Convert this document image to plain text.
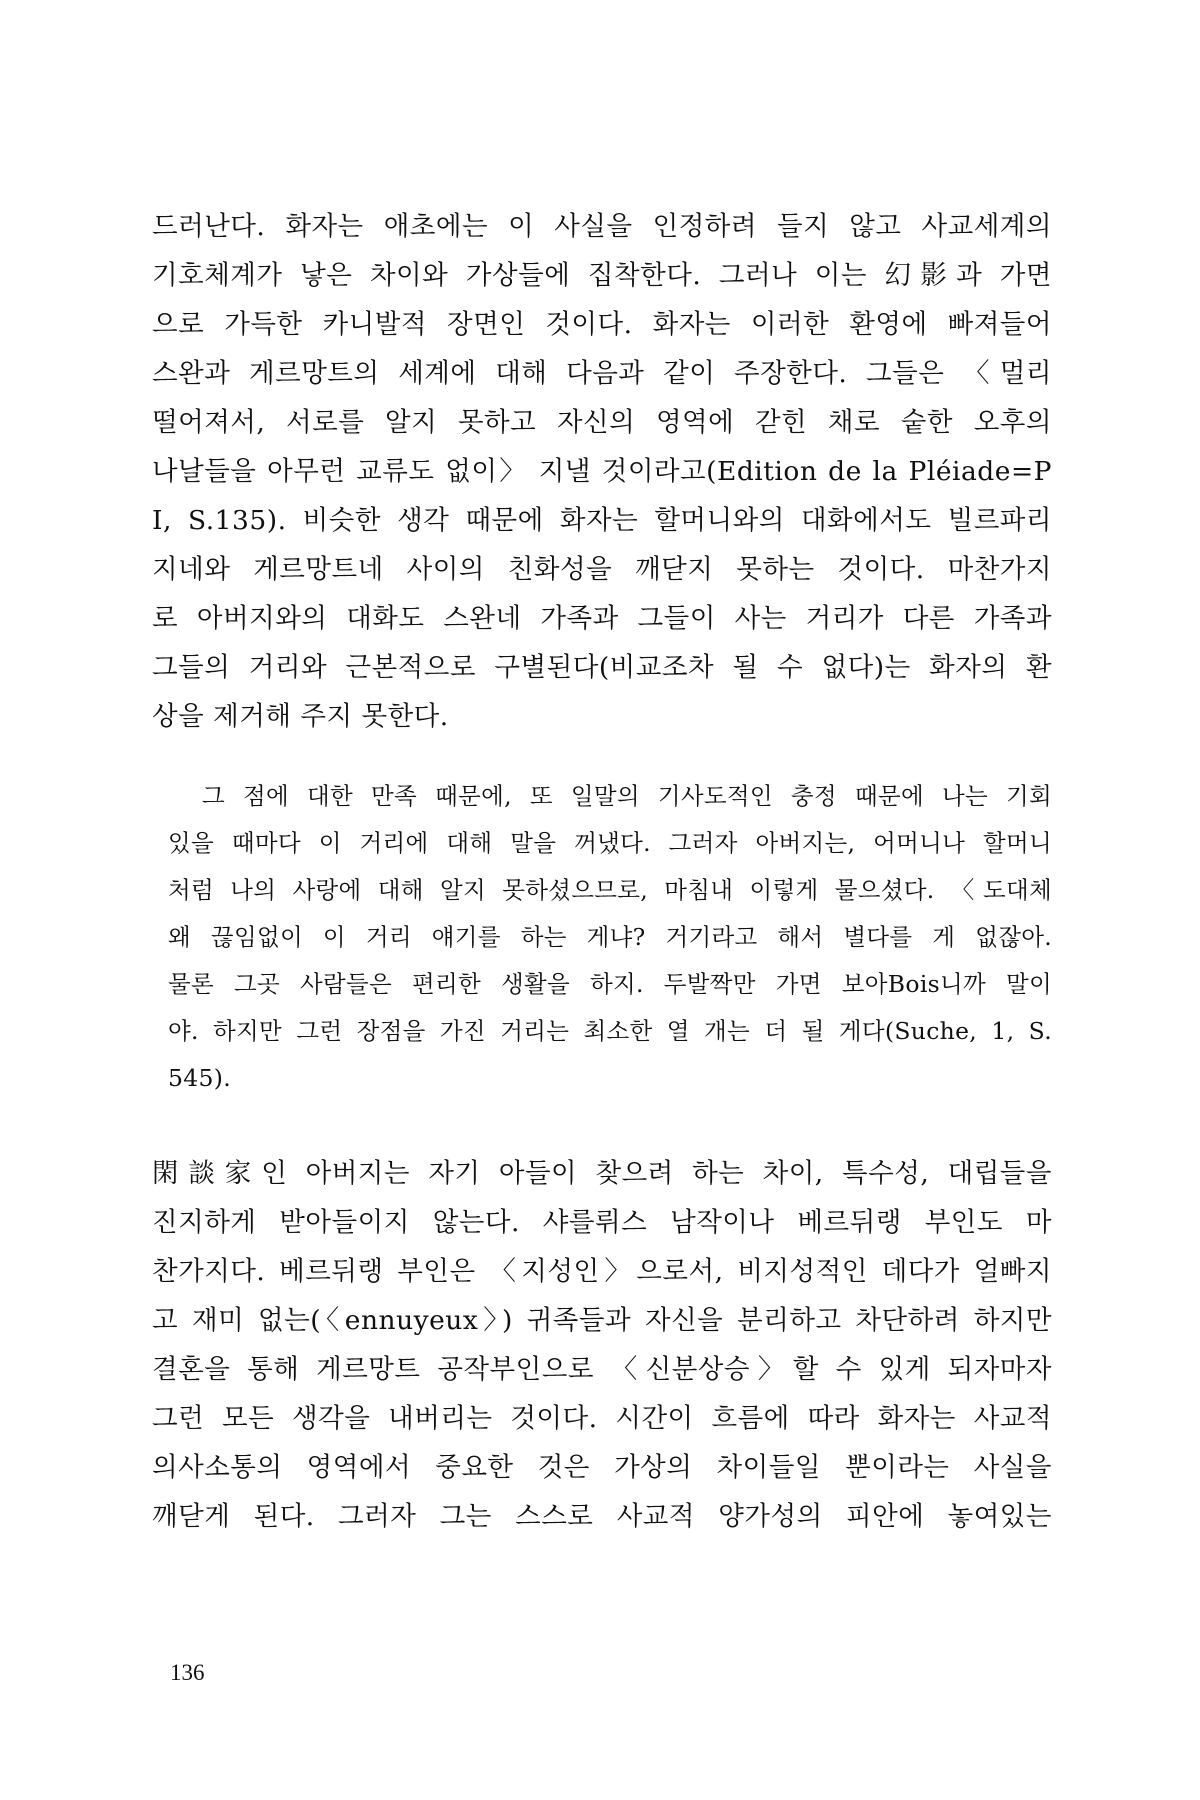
드러난다. 화자는 애초에는 이 사실을 인정하려 들지 않고 사교세계의
기호체계가 낳은 차이와 가상들에 집착한다. 그러나 이는 幻影과 가면
으로 가득한 카니발적 장면인 것이다. 화자는 이러한 환영에 빠져들어
스완과 게르망트의 세계에 대해 다음과 같이 주장한다. 그들은 〈멀리
떨어져서, 서로를 알지 못하고 자신의 영역에 갇힌 채로 숱한 오후의
나날들을 아무런 교류도 없이〉 지낼 것이라고(Edition de la Pléiade=P
I, S.135). 비슷한 생각 때문에 화자는 할머니와의 대화에서도 빌르파리
지네와 게르망트네 사이의 친화성을 깨닫지 못하는 것이다. 마찬가지
로 아버지와의 대화도 스완네 가족과 그들이 사는 거리가 다른 가족과
그들의 거리와 근본적으로 구별된다(비교조차 될 수 없다)는 화자의 환
상을 제거해 주지 못한다.
그 점에 대한 만족 때문에, 또 일말의 기사도적인 충정 때문에 나는 기회
있을 때마다 이 거리에 대해 말을 꺼냈다. 그러자 아버지는, 어머니나 할머니
처럼 나의 사랑에 대해 알지 못하셨으므로, 마침내 이렇게 물으셨다. 〈도대체
왜 끊임없이 이 거리 얘기를 하는 게냐? 거기라고 해서 별다를 게 없잖아.
물론 그곳 사람들은 편리한 생활을 하지. 두발짝만 가면 보아Bois니까 말이
야. 하지만 그런 장점을 가진 거리는 최소한 열 개는 더 될 게다(Suche, 1, S.
545).
閑談家인 아버지는 자기 아들이 찾으려 하는 차이, 특수성, 대립들을
진지하게 받아들이지 않는다. 샤를뤼스 남작이나 베르뒤랭 부인도 마
찬가지다. 베르뒤랭 부인은 〈지성인〉으로서, 비지성적인 데다가 얼빠지
고 재미 없는(〈ennuyeux〉) 귀족들과 자신을 분리하고 차단하려 하지만
결혼을 통해 게르망트 공작부인으로 〈신분상승〉할 수 있게 되자마자
그런 모든 생각을 내버리는 것이다. 시간이 흐름에 따라 화자는 사교적
의사소통의 영역에서 중요한 것은 가상의 차이들일 뿐이라는 사실을
깨닫게 된다. 그러자 그는 스스로 사교적 양가성의 피안에 놓여있는
136
